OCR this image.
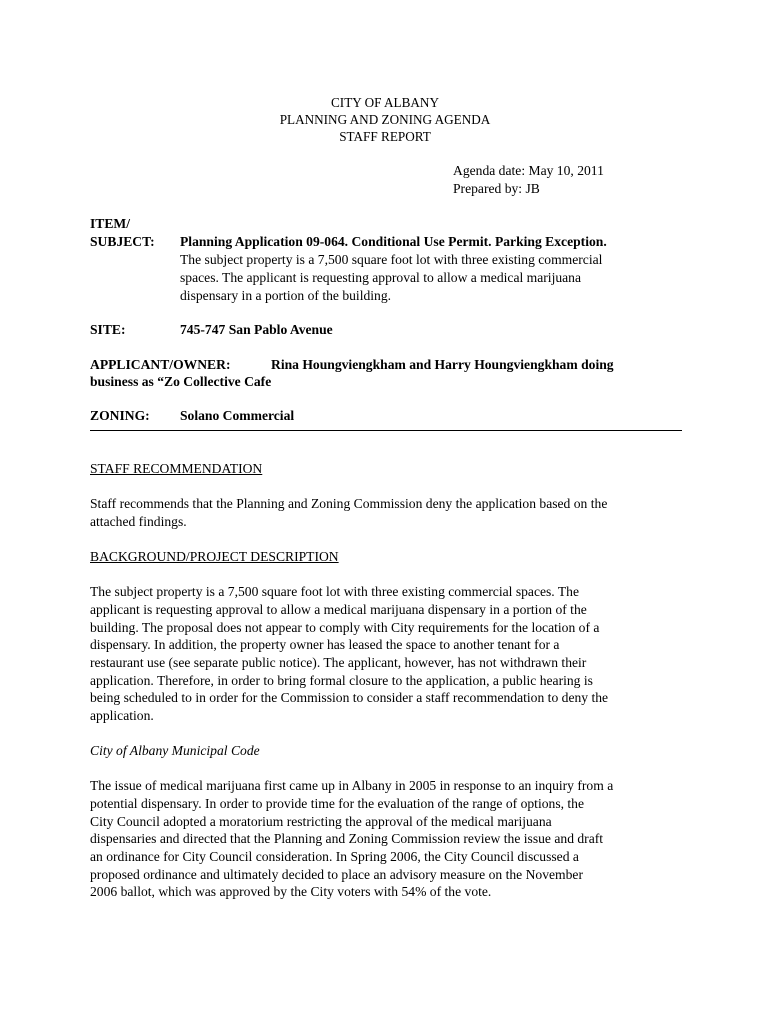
CITY OF ALBANY
PLANNING AND ZONING AGENDA
STAFF REPORT
Agenda date: May 10, 2011
Prepared by: JB
ITEM/
SUBJECT: Planning Application 09-064. Conditional Use Permit. Parking Exception.
The subject property is a 7,500 square foot lot with three existing commercial
spaces. The applicant is requesting approval to allow a medical marijuana
dispensary in a portion of the building.
SITE:	745-747 San Pablo Avenue
APPLICANT/OWNER:	Rina Houngviengkham and Harry Houngviengkham doing
business as “Zo Collective Cafe
ZONING: Solano Commercial
STAFF RECOMMENDATION
Staff recommends that the Planning and Zoning Commission deny the application based on the
attached findings.
BACKGROUND/PROJECT DESCRIPTION
The subject property is a 7,500 square foot lot with three existing commercial spaces. The
applicant is requesting approval to allow a medical marijuana dispensary in a portion of the
building. The proposal does not appear to comply with City requirements for the location of a
dispensary. In addition, the property owner has leased the space to another tenant for a
restaurant use (see separate public notice). The applicant, however, has not withdrawn their
application. Therefore, in order to bring formal closure to the application, a public hearing is
being scheduled to in order for the Commission to consider a staff recommendation to deny the
application.
City of Albany Municipal Code
The issue of medical marijuana first came up in Albany in 2005 in response to an inquiry from a
potential dispensary. In order to provide time for the evaluation of the range of options, the
City Council adopted a moratorium restricting the approval of the medical marijuana
dispensaries and directed that the Planning and Zoning Commission review the issue and draft
an ordinance for City Council consideration. In Spring 2006, the City Council discussed a
proposed ordinance and ultimately decided to place an advisory measure on the November
2006 ballot, which was approved by the City voters with 54% of the vote.
